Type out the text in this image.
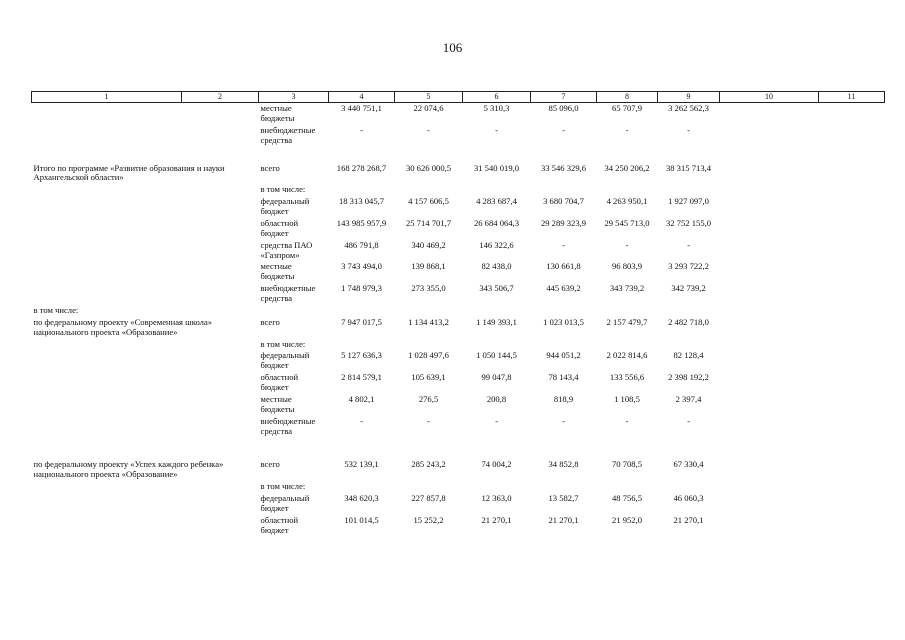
106
1	2	3	4	5	6	7	8	9	10	11
		местные бюджеты	3 440 751,1	22 074,6	5 310,3	85 096,0	65 707,9	3 262 562,3		
		внебюджетные средства	-	-	-	-	-	-		

Итого по программе «Развитие образования и науки Архангельской области»		всего	168 278 268,7	30 626 000,5	31 540 019,0	33 546 329,6	34 250 206,2	38 315 713,4		
		в том числе:								
		федеральный бюджет	18 313 045,7	4 157 606,5	4 283 687,4	3 680 704,7	4 263 950,1	1 927 097,0		
		областной бюджет	143 985 957,9	25 714 701,7	26 684 064,3	29 289 323,9	29 545 713,0	32 752 155,0		
		средства ПАО «Газпром»	486 791,8	340 469,2	146 322,6	-	-	-		
		местные бюджеты	3 743 494,0	139 868,1	82 438,0	130 661,8	96 803,9	3 293 722,2		
		внебюджетные средства	1 748 979,3	273 355,0	343 506,7	445 639,2	343 739,2	342 739,2		
в том числе:										
по федеральному проекту «Современная школа» национального проекта «Образование»		всего	7 947 017,5	1 134 413,2	1 149 393,1	1 023 013,5	2 157 479,7	2 482 718,0		
		в том числе:								
		федеральный бюджет	5 127 636,3	1 028 497,6	1 050 144,5	944 051,2	2 022 814,6	82 128,4		
		областной бюджет	2 814 579,1	105 639,1	99 047,8	78 143,4	133 556,6	2 398 192,2		
		местные бюджеты	4 802,1	276,5	200,8	818,9	1 108,5	2 397,4		
		внебюджетные средства	-	-	-	-	-	-		

по федеральному проекту «Успех каждого ребенка» национального проекта «Образование»		всего	532 139,1	285 243,2	74 004,2	34 852,8	70 708,5	67 330,4		
		в том числе:								
		федеральный бюджет	348 620,3	227 857,8	12 363,0	13 582,7	48 756,5	46 060,3		
		областной бюджет	101 014,5	15 252,2	21 270,1	21 270,1	21 952,0	21 270,1		
